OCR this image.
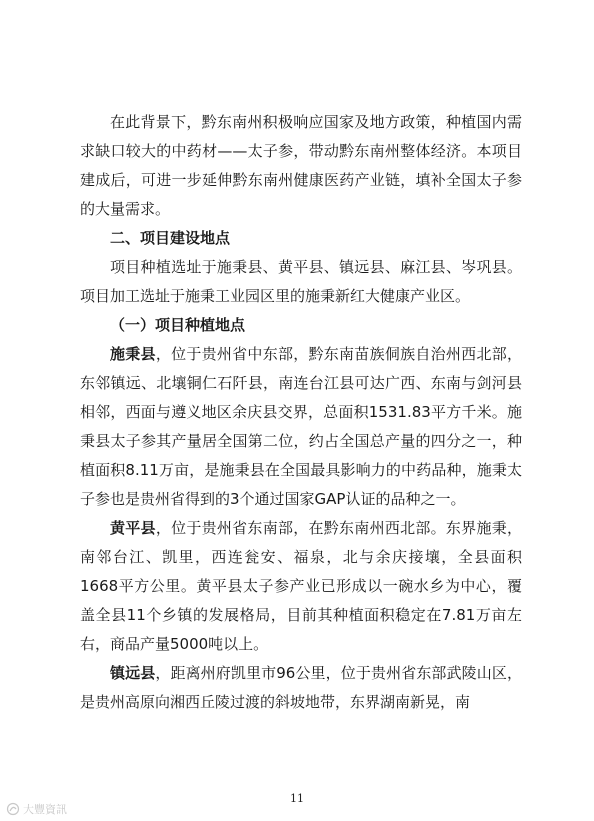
在此背景下，黔东南州积极响应国家及地方政策，种植国内需求缺口较大的中药材——太子参，带动黔东南州整体经济。本项目建成后，可进一步延伸黔东南州健康医药产业链，填补全国太子参的大量需求。

二、项目建设地点

项目种植选址于施秉县、黄平县、镇远县、麻江县、岑巩县。项目加工选址于施秉工业园区里的施秉新红大健康产业区。

（一）项目种植地点

施秉县，位于贵州省中东部，黔东南苗族侗族自治州西北部，东邻镇远、北壤铜仁石阡县，南连台江县可达广西、东南与剑河县相邻，西面与遵义地区余庆县交界，总面积1531.83平方千米。施秉县太子参其产量居全国第二位，约占全国总产量的四分之一，种植面积8.11万亩，是施秉县在全国最具影响力的中药品种，施秉太子参也是贵州省得到的3个通过国家GAP认证的品种之一。

黄平县，位于贵州省东南部，在黔东南州西北部。东界施秉，南邻台江、凯里，西连瓮安、福泉，北与余庆接壤，全县面积1668平方公里。黄平县太子参产业已形成以一碗水乡为中心，覆盖全县11个乡镇的发展格局，目前其种植面积稳定在7.81万亩左右，商品产量5000吨以上。

镇远县，距离州府凯里市96公里，位于贵州省东部武陵山区，是贵州高原向湘西丘陵过渡的斜坡地带，东界湖南新晃，南

11
大豐資訊
